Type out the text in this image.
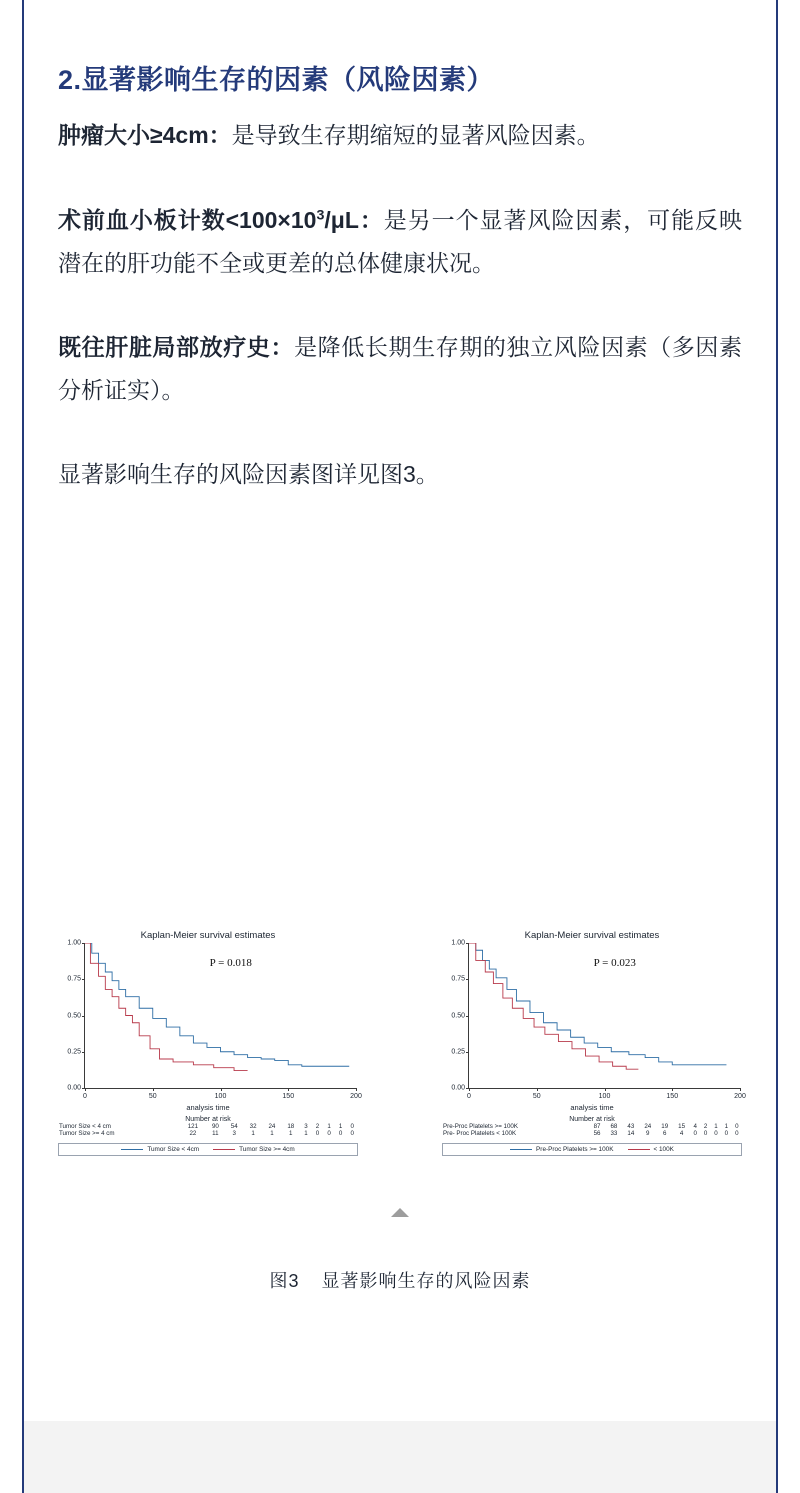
2.显著影响生存的因素（风险因素）

肿瘤大小≥4cm：是导致生存期缩短的显著风险因素。

术前血小板计数$<100\times 10^3/\mu L$：是另一个显著风险因素，可能反映潜在的肝功能不全或更差的总体健康状况。

既往肝脏局部放疗史：是降低长期生存期的独立风险因素（多因素分析证实）。

显著影响生存的风险因素图详见图3。

Kaplan-Meier survival estimates
P = 0.018
0.00
0.25
0.50
0.75
1.00
0	50	100	150	200
analysis time
Number at risk
Tumor Size < 4 cm	121	90	54	32	24	18	3	2	1	1	0
Tumor Size >= 4 cm	22	11	3	1	1	1	1	0	0	0	0
Tumor Size < 4cm	Tumor Size >= 4cm
Kaplan-Meier survival estimates
P = 0.023
0.00
0.25
0.50
0.75
1.00
0	50	100	150	200
analysis time
Number at risk
Pre-Proc Platelets >= 100K	87	68	43	24	19	15	4	2	1	1	0
Pre- Proc Platelets < 100K	56	33	14	9	6	4	0	0	0	0	0
Pre-Proc Platelets >= 100K	< 100K
图3 显著影响生存的风险因素
